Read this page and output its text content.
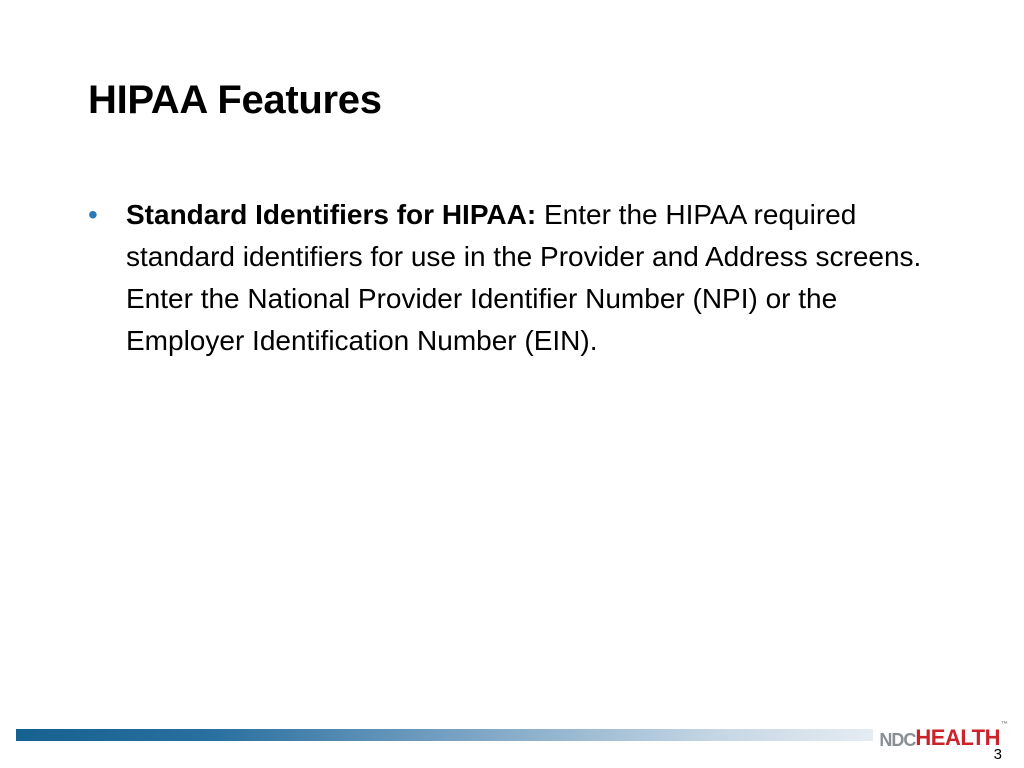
HIPAA Features
•	Standard Identifiers for HIPAA: Enter the HIPAA required standard identifiers for use in the Provider and Address screens. Enter the National Provider Identifier Number (NPI) or the Employer Identification Number (EIN).
NDC HEALTH
™
3
